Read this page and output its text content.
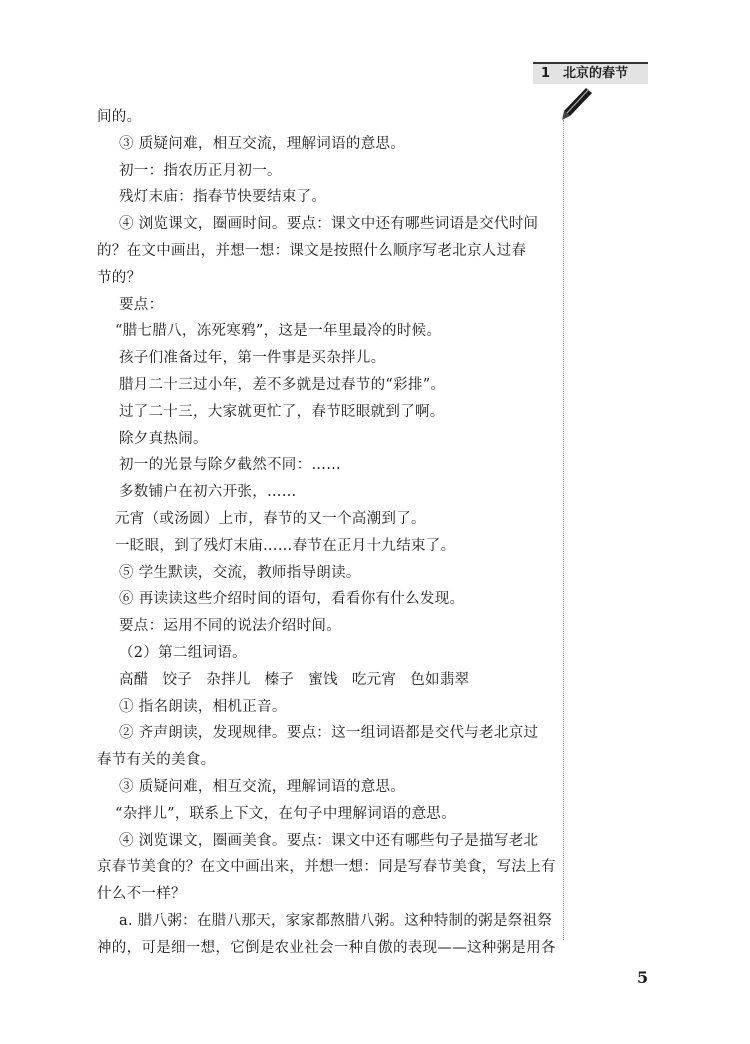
1 北京的春节
间的。
③ 质疑问难，相互交流，理解词语的意思。
初一：指农历正月初一。
残灯末庙：指春节快要结束了。
④ 浏览课文，圈画时间。要点：课文中还有哪些词语是交代时间
的？在文中画出，并想一想：课文是按照什么顺序写老北京人过春
节的？
要点：
“腊七腊八，冻死寒鸦”，这是一年里最冷的时候。
孩子们准备过年，第一件事是买杂拌儿。
腊月二十三过小年，差不多就是过春节的“彩排”。
过了二十三，大家就更忙了，春节眨眼就到了啊。
除夕真热闹。
初一的光景与除夕截然不同：……
多数铺户在初六开张，……
元宵（或汤圆）上市，春节的又一个高潮到了。
一眨眼，到了残灯末庙……春节在正月十九结束了。
⑤ 学生默读，交流，教师指导朗读。
⑥ 再读读这些介绍时间的语句，看看你有什么发现。
要点：运用不同的说法介绍时间。
（2）第二组词语。
高醋 饺子 杂拌儿 榛子 蜜饯 吃元宵 色如翡翠
① 指名朗读，相机正音。
② 齐声朗读，发现规律。要点：这一组词语都是交代与老北京过
春节有关的美食。
③ 质疑问难，相互交流，理解词语的意思。
“杂拌儿”，联系上下文，在句子中理解词语的意思。
④ 浏览课文，圈画美食。要点：课文中还有哪些句子是描写老北
京春节美食的？在文中画出来，并想一想：同是写春节美食，写法上有
什么不一样？
a. 腊八粥：在腊八那天，家家都熬腊八粥。这种特制的粥是祭祖祭
神的，可是细一想，它倒是农业社会一种自傲的表现——这种粥是用各
5
